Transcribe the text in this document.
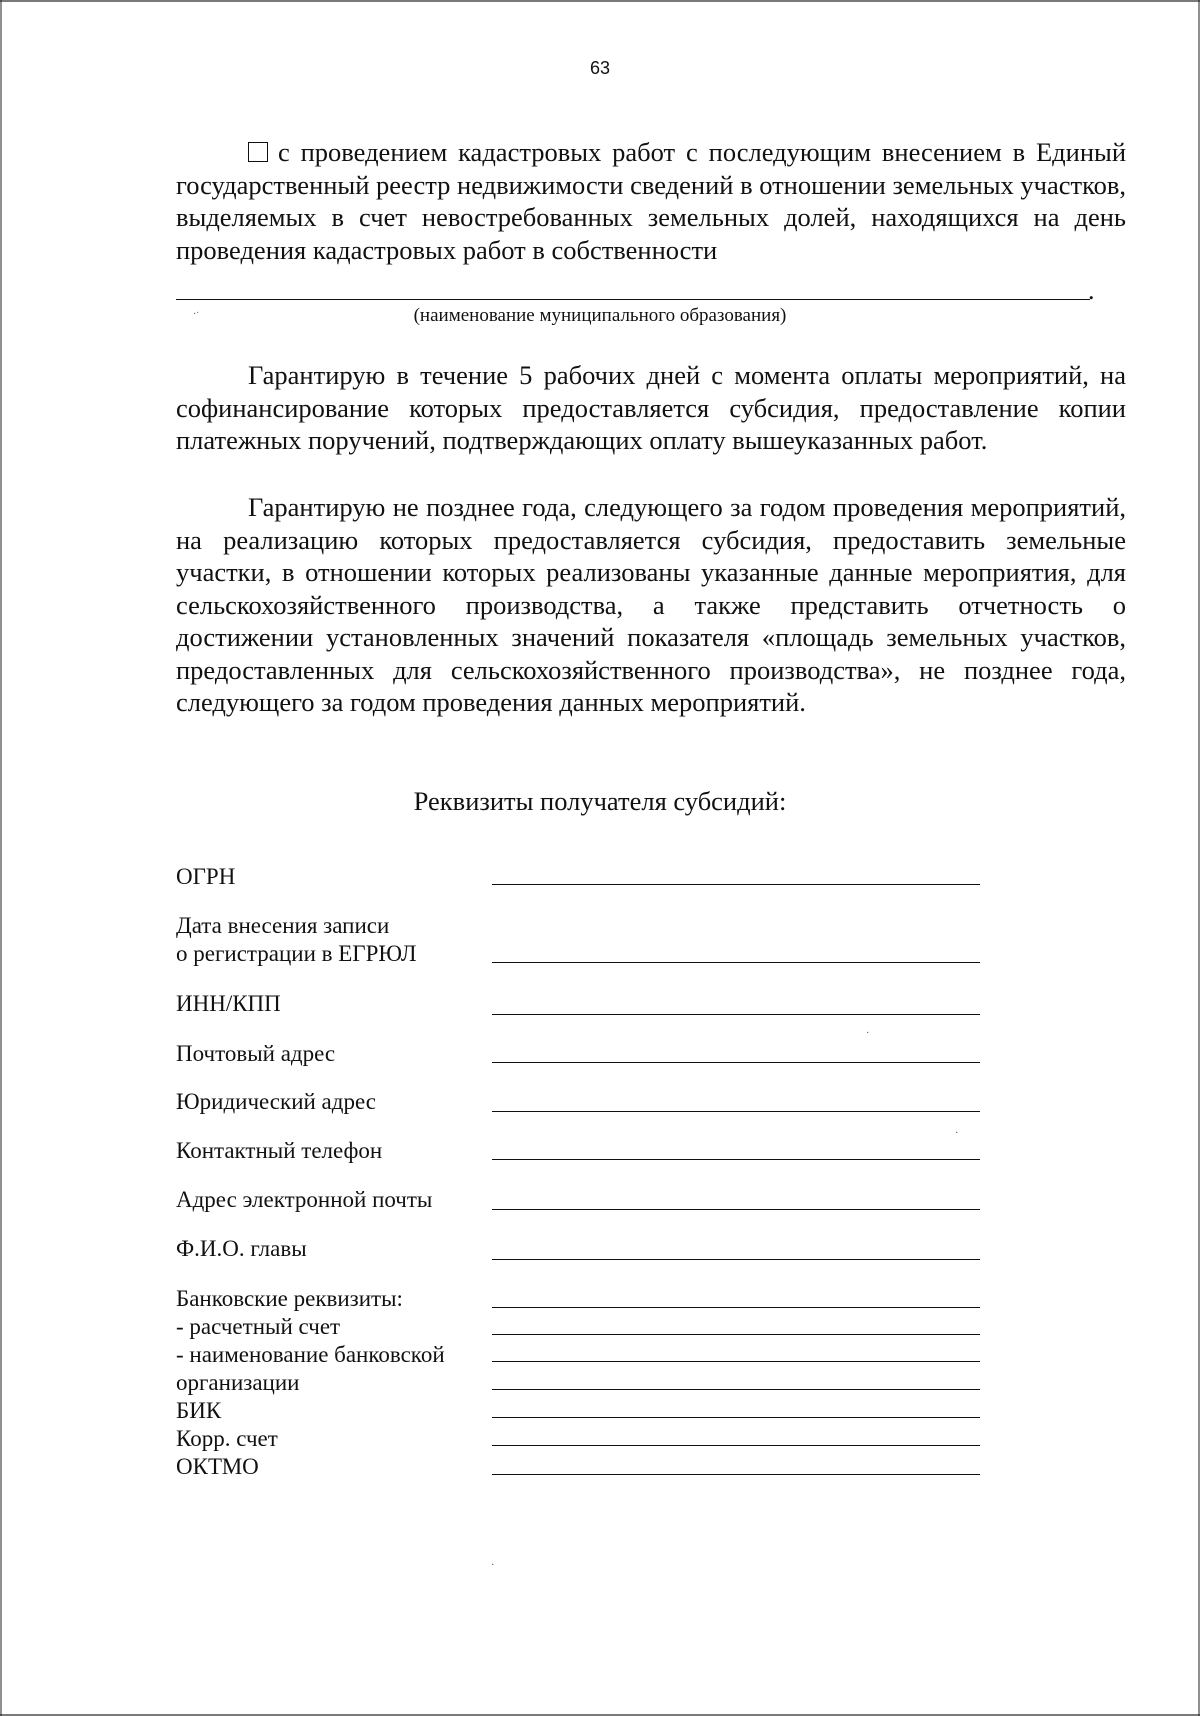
63

с проведением кадастровых работ с последующим внесением в Единый государственный реестр недвижимости сведений в отношении земельных участков, выделяемых в счет невостребованных земельных долей, находящихся на день проведения кадастровых работ в собственности

.
·ˑ	(наименование муниципального образования)

Гарантирую в течение 5 рабочих дней с момента оплаты мероприятий, на софинансирование которых предоставляется субсидия, предоставление копии платежных поручений, подтверждающих оплату вышеуказанных работ.

Гарантирую не позднее года, следующего за годом проведения мероприятий, на реализацию которых предоставляется субсидия, предоставить земельные участки, в отношении которых реализованы указанные данные мероприятия, для сельскохозяйственного производства, а также представить отчетность о достижении установленных значений показателя «площадь земельных участков, предоставленных для сельскохозяйственного производства», не позднее года, следующего за годом проведения данных мероприятий.

Реквизиты получателя субсидий:
ОГРН
Дата внесения записи
о регистрации в ЕГРЮЛ
ИНН/КПП
·
Почтовый адрес
Юридический адрес
·
Контактный телефон
Адрес электронной почты
Ф.И.О. главы
Банковские реквизиты:
- расчетный счет
- наименование банковской
организации
БИК
Корр. счет
ОКТМО
·
